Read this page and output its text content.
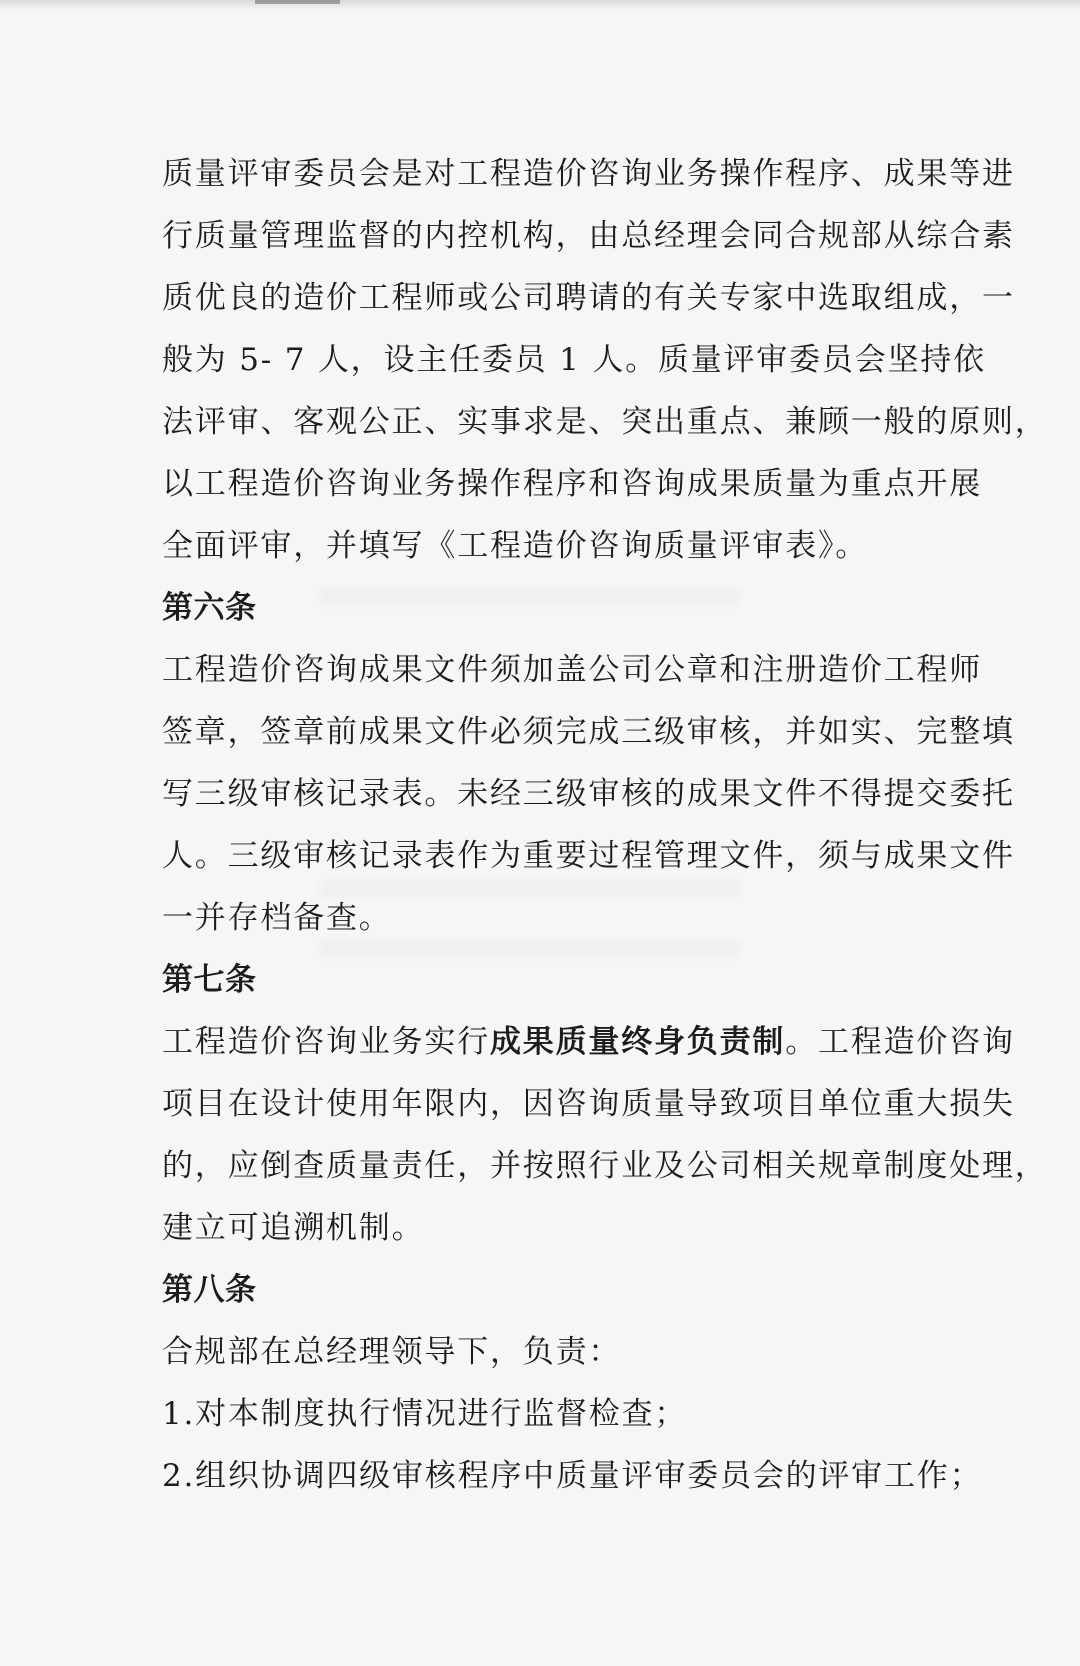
质量评审委员会是对工程造价咨询业务操作程序、成果等进
行质量管理监督的内控机构，由总经理会同合规部从综合素
质优良的造价工程师或公司聘请的有关专家中选取组成，一
般为 5- 7 人，设主任委员 1 人。质量评审委员会坚持依
法评审、客观公正、实事求是、突出重点、兼顾一般的原则，
以工程造价咨询业务操作程序和咨询成果质量为重点开展
全面评审，并填写《工程造价咨询质量评审表》。
第六条
工程造价咨询成果文件须加盖公司公章和注册造价工程师
签章，签章前成果文件必须完成三级审核，并如实、完整填
写三级审核记录表。未经三级审核的成果文件不得提交委托
人。三级审核记录表作为重要过程管理文件，须与成果文件
一并存档备查。
第七条
工程造价咨询业务实行成果质量终身负责制。工程造价咨询
项目在设计使用年限内，因咨询质量导致项目单位重大损失
的，应倒查质量责任，并按照行业及公司相关规章制度处理，
建立可追溯机制。
第八条
合规部在总经理领导下，负责：
1.对本制度执行情况进行监督检查；
2.组织协调四级审核程序中质量评审委员会的评审工作；
